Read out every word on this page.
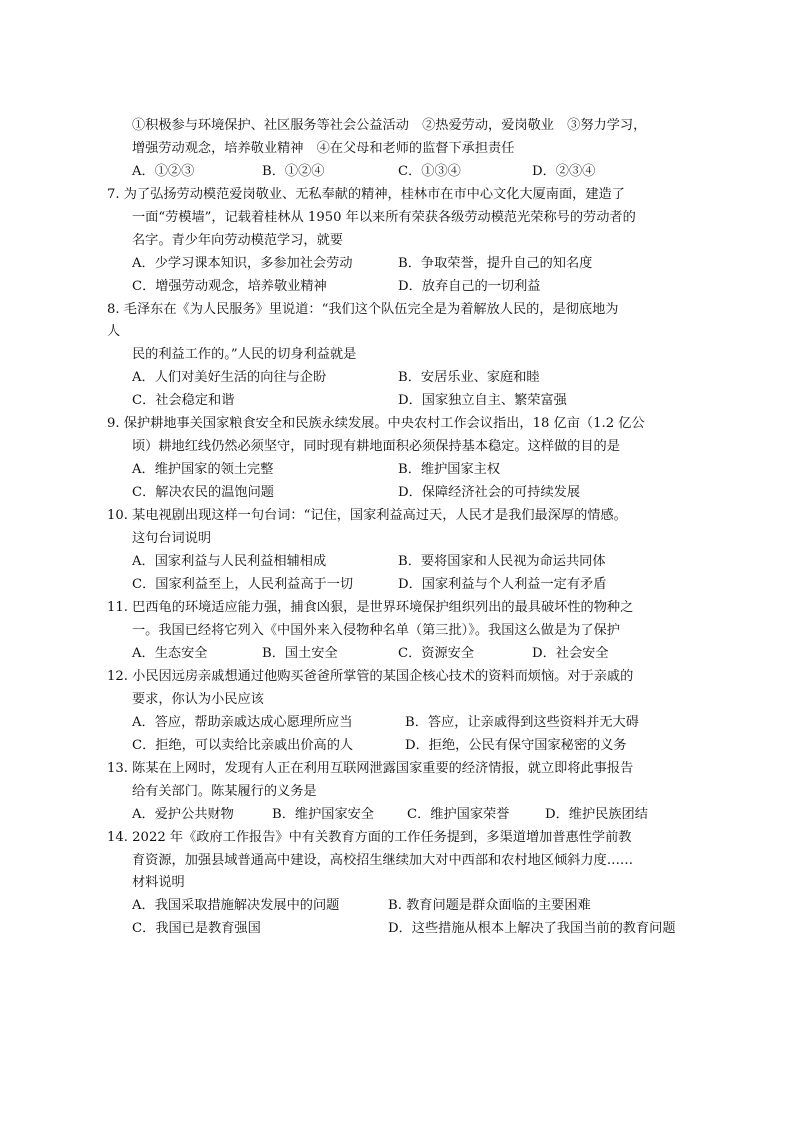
①积极参与环境保护、社区服务等社会公益活动　②热爱劳动，爱岗敬业　③努力学习，
增强劳动观念，培养敬业精神　④在父母和老师的监督下承担责任
A．①②③	B．①②④	C．①③④	D．②③④
7. 为了弘扬劳动模范爱岗敬业、无私奉献的精神，桂林市在市中心文化大厦南面，建造了
一面“劳模墙”，记载着桂林从 1950 年以来所有荣获各级劳动模范光荣称号的劳动者的
名字。青少年向劳动模范学习，就要
A．少学习课本知识，多参加社会劳动	B．争取荣誉，提升自己的知名度
C．增强劳动观念，培养敬业精神	D．放弃自己的一切利益
8. 毛泽东在《为人民服务》里说道：“我们这个队伍完全是为着解放人民的，是彻底地为
人
民的利益工作的。”人民的切身利益就是
A．人们对美好生活的向往与企盼	B．安居乐业、家庭和睦
C．社会稳定和谐	D．国家独立自主、繁荣富强
9. 保护耕地事关国家粮食安全和民族永续发展。中央农村工作会议指出，18 亿亩（1.2 亿公
顷）耕地红线仍然必须坚守，同时现有耕地面积必须保持基本稳定。这样做的目的是
A．维护国家的领土完整	B．维护国家主权
C．解决农民的温饱问题	D．保障经济社会的可持续发展
10. 某电视剧出现这样一句台词：“记住，国家利益高过天，人民才是我们最深厚的情感。
这句台词说明
A．国家利益与人民利益相辅相成	B．要将国家和人民视为命运共同体
C．国家利益至上，人民利益高于一切	D．国家利益与个人利益一定有矛盾
11. 巴西龟的环境适应能力强，捕食凶狠，是世界环境保护组织列出的最具破坏性的物种之
一。我国已经将它列入《中国外来入侵物种名单（第三批）》。我国这么做是为了保护
A．生态安全	B．国土安全	C．资源安全	D．社会安全
12. 小民因远房亲戚想通过他购买爸爸所掌管的某国企核心技术的资料而烦恼。对于亲戚的
要求，你认为小民应该
A．答应，帮助亲戚达成心愿理所应当	B．答应，让亲戚得到这些资料并无大碍
C．拒绝，可以卖给比亲戚出价高的人	D．拒绝，公民有保守国家秘密的义务
13. 陈某在上网时，发现有人正在利用互联网泄露国家重要的经济情报，就立即将此事报告
给有关部门。陈某履行的义务是
A．爱护公共财物	B．维护国家安全 C．维护国家荣誉	D．维护民族团结
14. 2022 年《政府工作报告》中有关教育方面的工作任务提到，多渠道增加普惠性学前教
育资源，加强县域普通高中建设，高校招生继续加大对中西部和农村地区倾斜力度……
材料说明
A．我国采取措施解决发展中的问题	B. 教育问题是群众面临的主要困难
C．我国已是教育强国	D．这些措施从根本上解决了我国当前的教育问题
